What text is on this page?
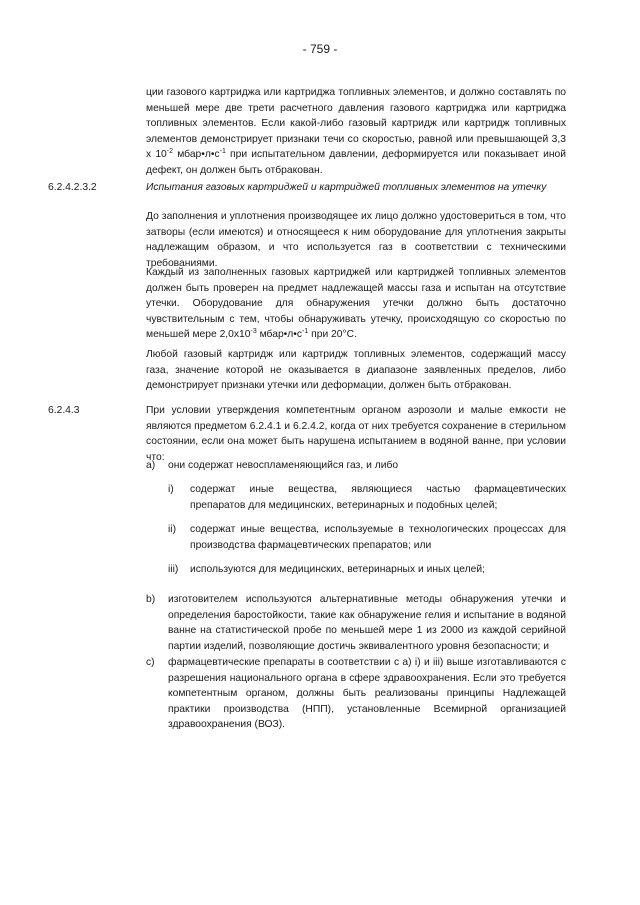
- 759 -
ции газового картриджа или картриджа топливных элементов, и должно составлять по меньшей мере две трети расчетного давления газового картриджа или картриджа топливных элементов. Если какой-либо газовый картридж или картридж топливных элементов демонстрирует признаки течи со скоростью, равной или превышающей 3,3 x $10^{-2}$ $мбар•л•с^{-1}$ при испытательном давлении, деформируется или показывает иной дефект, он должен быть отбракован.
6.2.4.2.3.2	Испытания газовых картриджей и картриджей топливных элементов на утечку
До заполнения и уплотнения производящее их лицо должно удостовериться в том, что затворы (если имеются) и относящееся к ним оборудование для уплотнения закрыты надлежащим образом, и что используется газ в соответствии с техническими требованиями.
Каждый из заполненных газовых картриджей или картриджей топливных элементов должен быть проверен на предмет надлежащей массы газа и испытан на отсутствие утечки. Оборудование для обнаружения утечки должно быть достаточно чувствительным с тем, чтобы обнаруживать утечку, происходящую со скоростью по меньшей мере $2,0x10^{-3}$ $мбар•л•с^{-1}$ при 20°C.
Любой газовый картридж или картридж топливных элементов, содержащий массу газа, значение которой не оказывается в диапазоне заявленных пределов, либо демонстрирует признаки утечки или деформации, должен быть отбракован.
6.2.4.3	При условии утверждения компетентным органом аэрозоли и малые емкости не являются предметом 6.2.4.1 и 6.2.4.2, когда от них требуется сохранение в стерильном состоянии, если она может быть нарушена испытанием в водяной ванне, при условии что:
a) они содержат невоспламеняющийся газ, и либо
i) содержат иные вещества, являющиеся частью фармацевтических препаратов для медицинских, ветеринарных и подобных целей;
ii) содержат иные вещества, используемые в технологических процессах для производства фармацевтических препаратов; или
iii) используются для медицинских, ветеринарных и иных целей;
b) изготовителем используются альтернативные методы обнаружения утечки и определения баростойкости, такие как обнаружение гелия и испытание в водяной ванне на статистической пробе по меньшей мере 1 из 2000 из каждой серийной партии изделий, позволяющие достичь эквивалентного уровня безопасности; и
c) фармацевтические препараты в соответствии с a) i) и iii) выше изготавливаются с разрешения национального органа в сфере здравоохранения. Если это требуется компетентным органом, должны быть реализованы принципы Надлежащей практики производства (НПП), установленные Всемирной организацией здравоохранения (ВОЗ).
